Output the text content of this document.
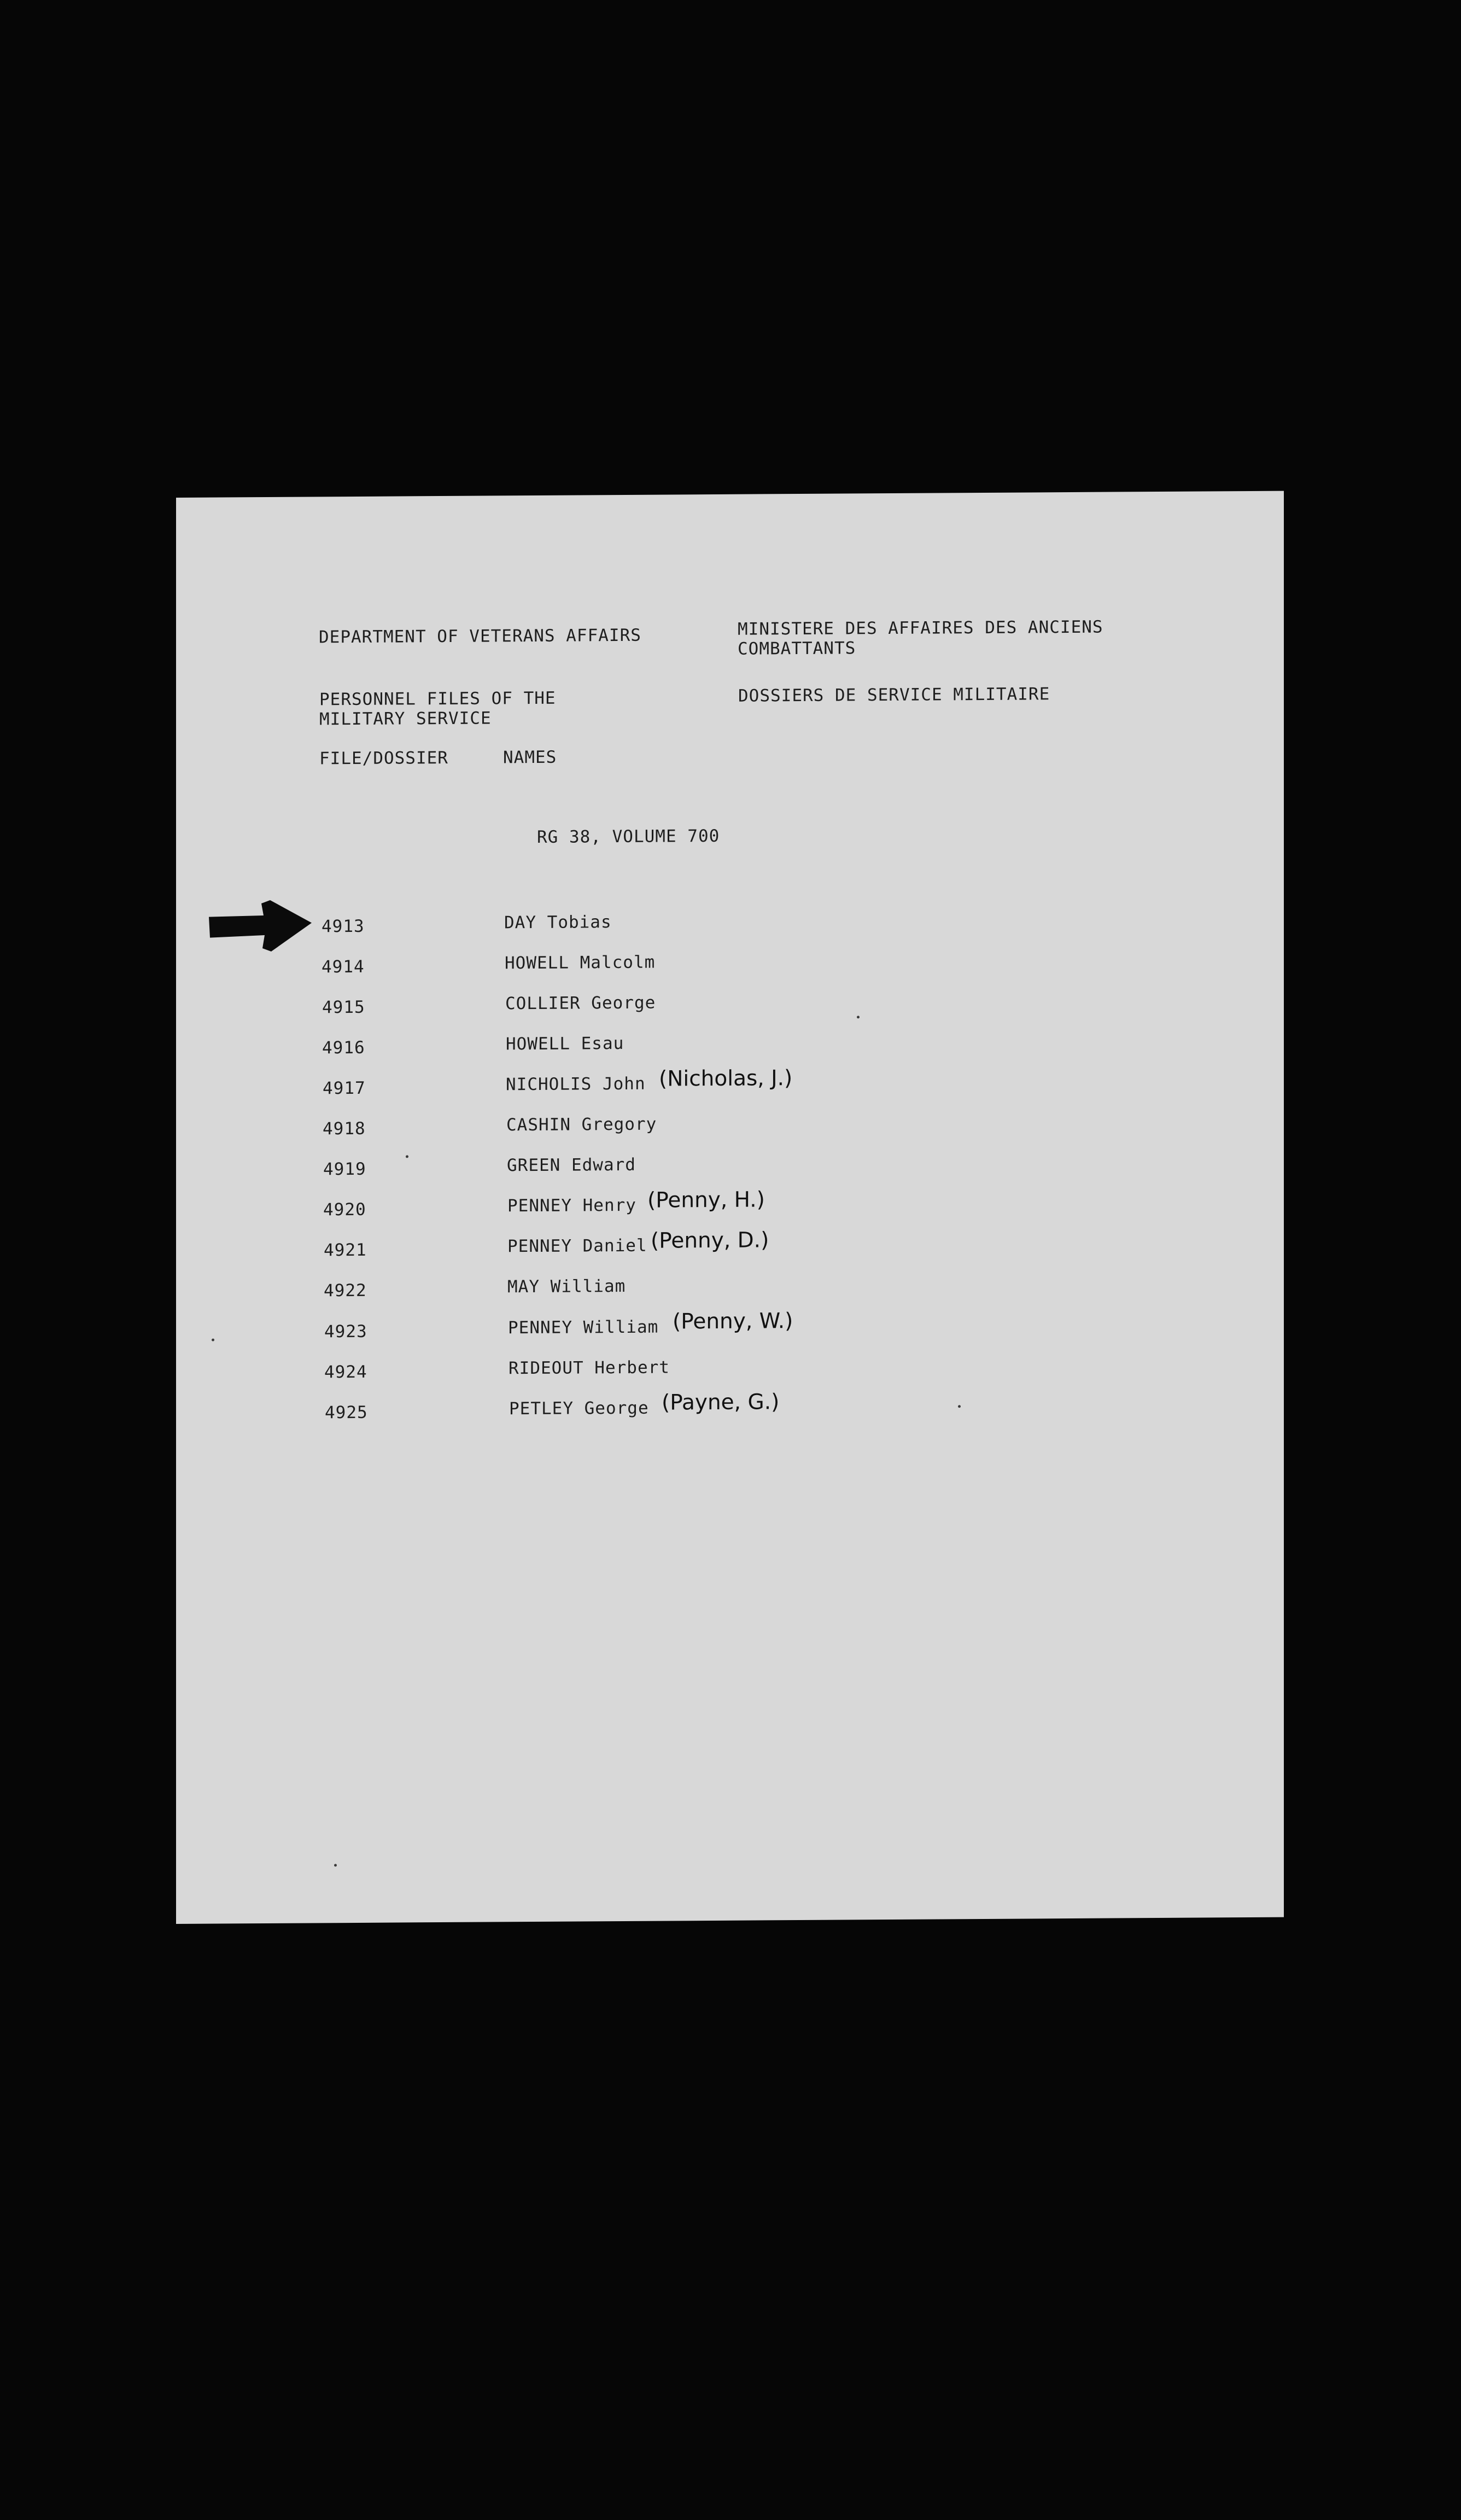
DEPARTMENT OF VETERANS AFFAIRS	MINISTERE DES AFFAIRES DES ANCIENS
COMBATTANTS
PERSONNEL FILES OF THE
MILITARY SERVICE
DOSSIERS DE SERVICE MILITAIRE
FILE/DOSSIER	NAMES
RG 38, VOLUME 700
4913	DAY Tobias
4914	HOWELL Malcolm
4915	COLLIER George
4916	HOWELL Esau
4917	NICHOLIS John (Nicholas, J.)
4918	CASHIN Gregory
4919	GREEN Edward
4920	PENNEY Henry (Penny, H.)
4921	PENNEY Daniel (Penny, D.)
4922	MAY William
4923	PENNEY William (Penny, W.)
4924	RIDEOUT Herbert
4925	PETLEY George (Payne, G.)
